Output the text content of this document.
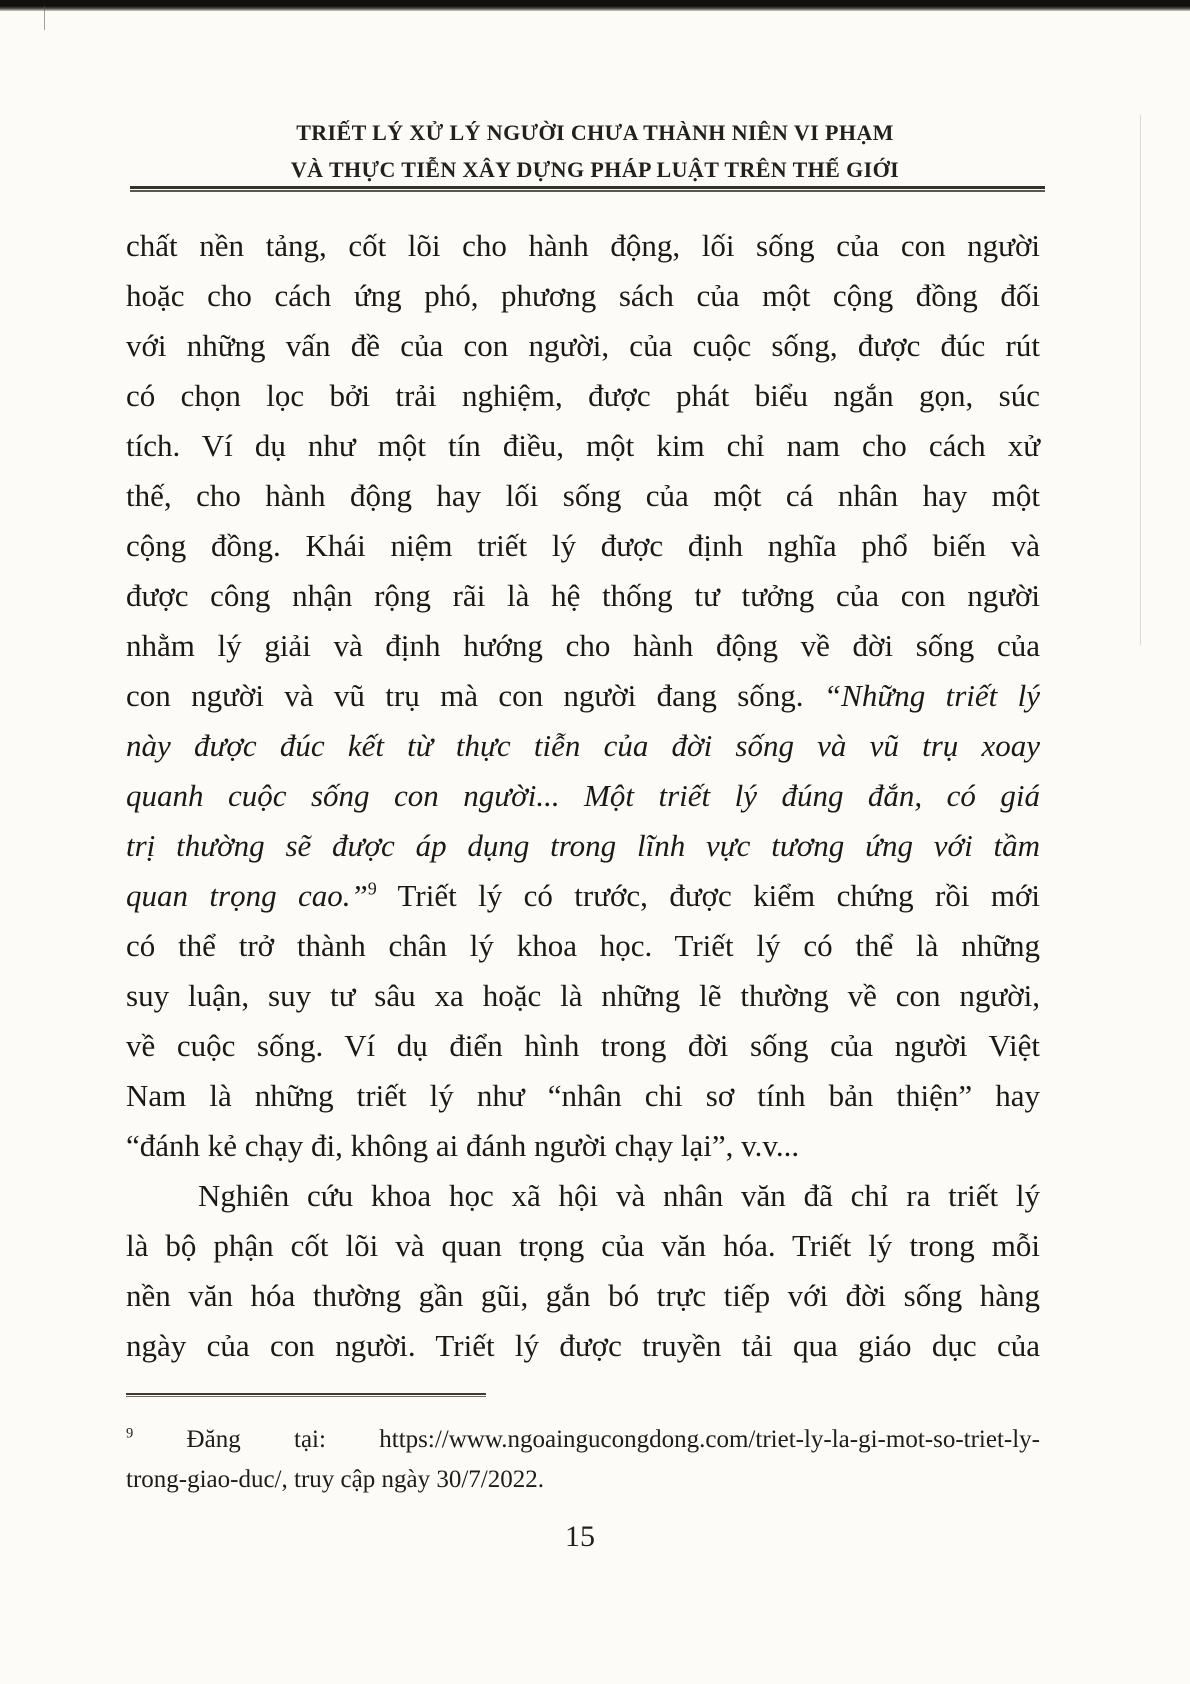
TRIẾT LÝ XỬ LÝ NGƯỜI CHƯA THÀNH NIÊN VI PHẠM
VÀ THỰC TIỄN XÂY DỰNG PHÁP LUẬT TRÊN THẾ GIỚI
chất nền tảng, cốt lõi cho hành động, lối sống của con người
hoặc cho cách ứng phó, phương sách của một cộng đồng đối
với những vấn đề của con người, của cuộc sống, được đúc rút
có chọn lọc bởi trải nghiệm, được phát biểu ngắn gọn, súc
tích. Ví dụ như một tín điều, một kim chỉ nam cho cách xử
thế, cho hành động hay lối sống của một cá nhân hay một
cộng đồng. Khái niệm triết lý được định nghĩa phổ biến và
được công nhận rộng rãi là hệ thống tư tưởng của con người
nhằm lý giải và định hướng cho hành động về đời sống của
con người và vũ trụ mà con người đang sống. “Những triết lý
này được đúc kết từ thực tiễn của đời sống và vũ trụ xoay
quanh cuộc sống con người... Một triết lý đúng đắn, có giá
trị thường sẽ được áp dụng trong lĩnh vực tương ứng với tầm
quan trọng cao.”$^9$ Triết lý có trước, được kiểm chứng rồi mới
có thể trở thành chân lý khoa học. Triết lý có thể là những
suy luận, suy tư sâu xa hoặc là những lẽ thường về con người,
về cuộc sống. Ví dụ điển hình trong đời sống của người Việt
Nam là những triết lý như “nhân chi sơ tính bản thiện” hay
“đánh kẻ chạy đi, không ai đánh người chạy lại”, v.v...
Nghiên cứu khoa học xã hội và nhân văn đã chỉ ra triết lý
là bộ phận cốt lõi và quan trọng của văn hóa. Triết lý trong mỗi
nền văn hóa thường gần gũi, gắn bó trực tiếp với đời sống hàng
ngày của con người. Triết lý được truyền tải qua giáo dục của
$^9$ Đăng tại: https://www.ngoaingucongdong.com/triet-ly-la-gi-mot-so-triet-ly-
trong-giao-duc/, truy cập ngày 30/7/2022.
15
